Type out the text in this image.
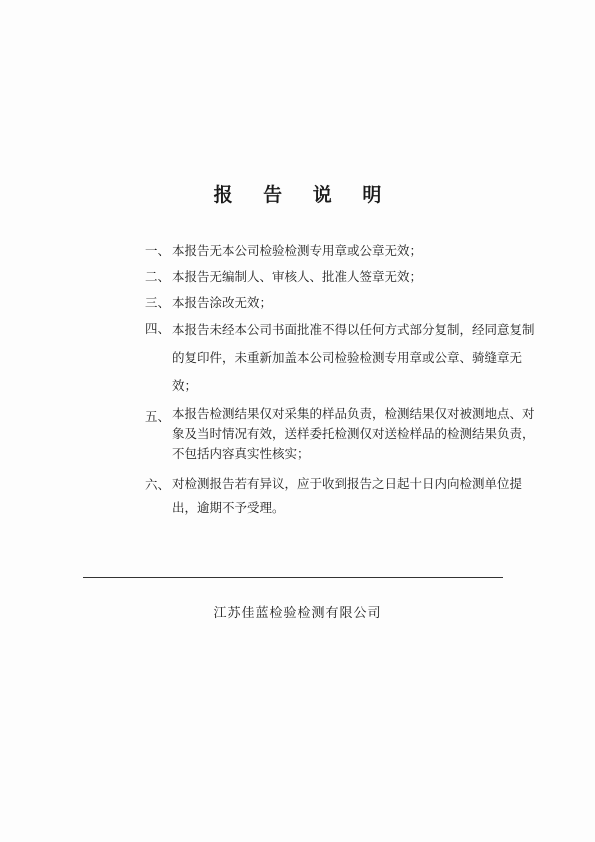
报 告 说 明
一、 本报告无本公司检验检测专用章或公章无效；
二、 本报告无编制人、审核人、批准人签章无效；
三、 本报告涂改无效；
四、 本报告未经本公司书面批准不得以任何方式部分复制，经同意复制的复印件，未重新加盖本公司检验检测专用章或公章、骑缝章无效；
五、 本报告检测结果仅对采集的样品负责，检测结果仅对被测地点、对象及当时情况有效，送样委托检测仅对送检样品的检测结果负责，不包括内容真实性核实；
六、 对检测报告若有异议，应于收到报告之日起十日内向检测单位提出，逾期不予受理。
江苏佳蓝检验检测有限公司
